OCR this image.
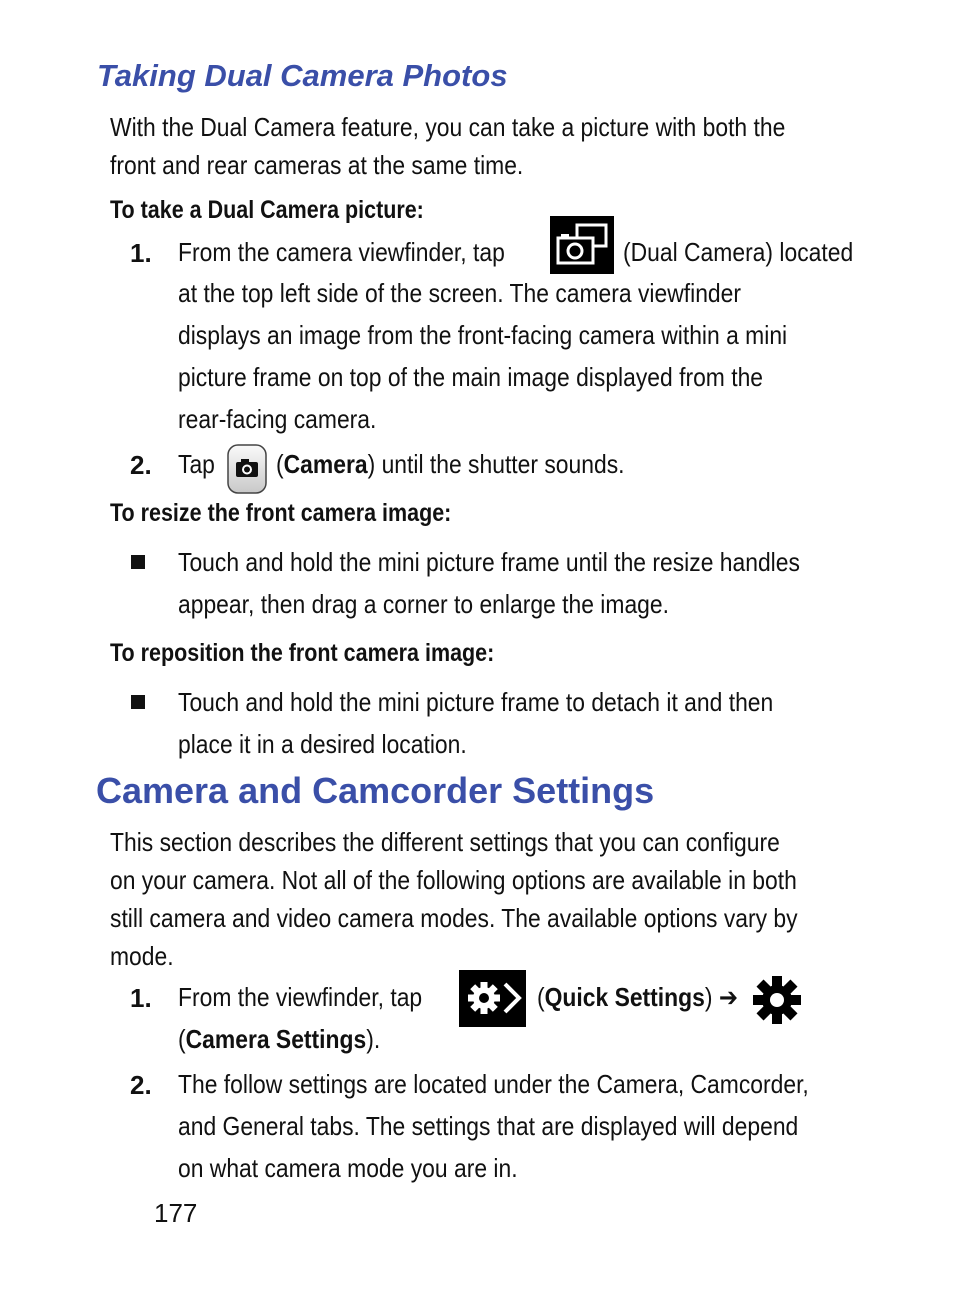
Taking Dual Camera Photos

With the Dual Camera feature, you can take a picture with both the
front and rear cameras at the same time.

To take a Dual Camera picture:
1. From the camera viewfinder, tap	(Dual Camera) located

at the top left side of the screen. The camera viewfinder
displays an image from the front-facing camera within a mini
picture frame on top of the main image displayed from the
rear-facing camera.

2. Tap	(Camera) until the shutter sounds.
To resize the front camera image:

Touch and hold the mini picture frame until the resize handles
appear, then drag a corner to enlarge the image.

To reposition the front camera image:

Touch and hold the mini picture frame to detach it and then
place it in a desired location.

Camera and Camcorder Settings

This section describes the different settings that you can configure
on your camera. Not all of the following options are available in both
still camera and video camera modes. The available options vary by
mode.

1. From the viewfinder, tap	(Quick Settings) ➔
(Camera Settings).
2. The follow settings are located under the Camera, Camcorder,
and General tabs. The settings that are displayed will depend
on what camera mode you are in.

177
